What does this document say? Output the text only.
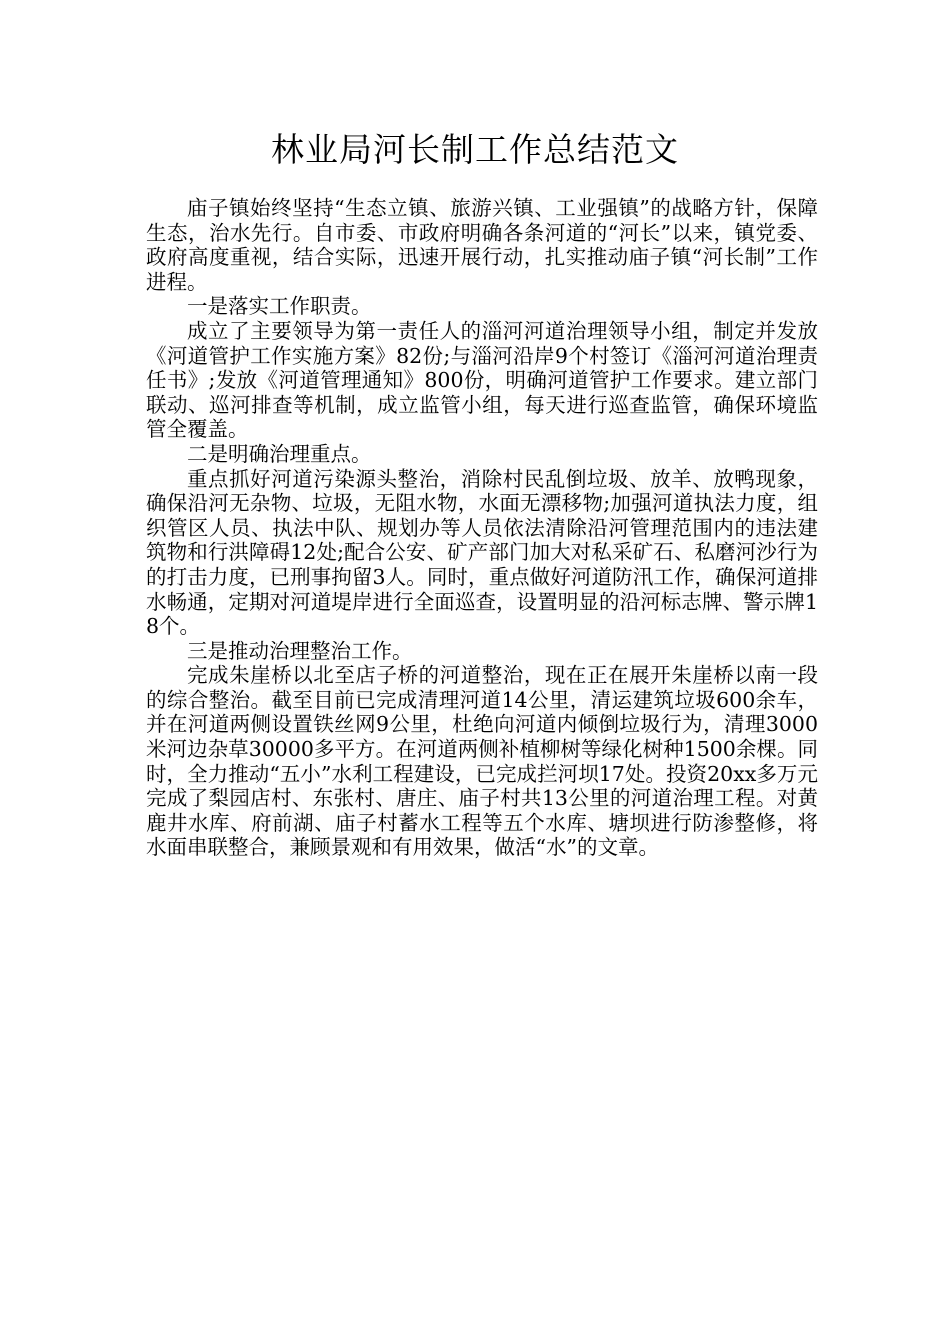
林业局河长制工作总结范文

庙子镇始终坚持“生态立镇、旅游兴镇、工业强镇”的战略方针，保障生态，治水先行。自市委、市政府明确各条河道的“河长”以来，镇党委、政府高度重视，结合实际，迅速开展行动，扎实推动庙子镇“河长制”工作进程。

一是落实工作职责。

成立了主要领导为第一责任人的淄河河道治理领导小组，制定并发放《河道管护工作实施方案》82份;与淄河沿岸9个村签订《淄河河道治理责任书》;发放《河道管理通知》800份，明确河道管护工作要求。建立部门联动、巡河排查等机制，成立监管小组，每天进行巡查监管，确保环境监管全覆盖。

二是明确治理重点。

重点抓好河道污染源头整治，消除村民乱倒垃圾、放羊、放鸭现象，确保沿河无杂物、垃圾，无阻水物，水面无漂移物;加强河道执法力度，组织管区人员、执法中队、规划办等人员依法清除沿河管理范围内的违法建筑物和行洪障碍12处;配合公安、矿产部门加大对私采矿石、私磨河沙行为的打击力度，已刑事拘留3人。同时，重点做好河道防汛工作，确保河道排水畅通，定期对河道堤岸进行全面巡查，设置明显的沿河标志牌、警示牌18个。

三是推动治理整治工作。

完成朱崖桥以北至店子桥的河道整治，现在正在展开朱崖桥以南一段的综合整治。截至目前已完成清理河道14公里，清运建筑垃圾600余车，并在河道两侧设置铁丝网9公里，杜绝向河道内倾倒垃圾行为，清理3000米河边杂草30000多平方。在河道两侧补植柳树等绿化树种1500余棵。同时，全力推动“五小”水利工程建设，已完成拦河坝17处。投资20xx多万元完成了梨园店村、东张村、唐庄、庙子村共13公里的河道治理工程。对黄鹿井水库、府前湖、庙子村蓄水工程等五个水库、塘坝进行防渗整修，将水面串联整合，兼顾景观和有用效果，做活“水”的文章。
